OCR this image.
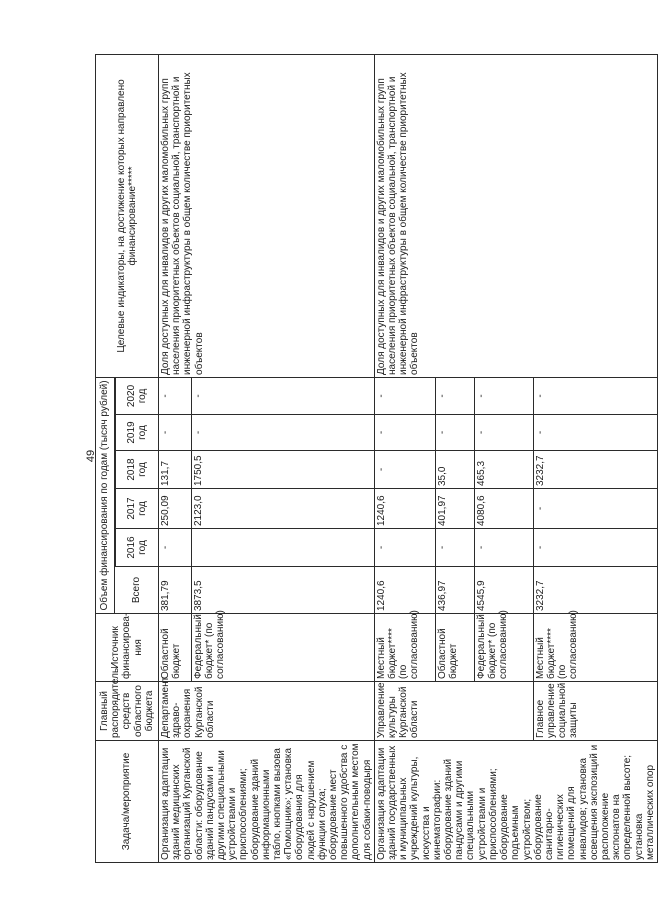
49
Задача/мероприятие	Главный распорядитель средств областного бюджета	Источник финансирова-ния	Объем финансирования по годам (тысяч рублей)						Целевые индикаторы, на достижение которых направлено финансирование*****
			Всего						
				2016 год	2017 год	2018 год	2019 год	2020 год	
Организация адаптации зданий медицинских организаций Курганской области: оборудование зданий пандусами и другими специальными устройствами и приспособлениями; оборудование зданий информационными табло, кнопками вызова «Помощник»; установка оборудования для людей с нарушением функции слуха; оборудование мест повышенного удобства с дополнительным местом для собаки-поводыря	Департамент здраво-охранения Курганской области	Областной бюджет	381,79	-	250,09	131,7	-	-	Доля доступных для инвалидов и других маломобильных групп населения приоритетных объектов социальной, транспортной и инженерной инфраструктуры в общем количестве приоритетных объектов
		Федеральный бюджет* (по согласованию)	3873,5		2123,0	1750,5	-	-	
Организация адаптации зданий государственных и муниципальных учреждений культуры, искусства и кинематографии: оборудование зданий пандусами и другими специальными устройствами и приспособлениями; оборудование подъемным устройством; оборудование санитарно-гигиенических помещений для инвалидов; установка освещения экспозиций и расположение экспонатов на определенной высоте; установка металлических опор	Управление культуры Курганской области	Местный бюджет**** (по согласованию)	1240,6	-	1240,6	-	-	-	Доля доступных для инвалидов и других маломобильных групп населения приоритетных объектов социальной, транспортной и инженерной инфраструктуры в общем количестве приоритетных объектов
		Областной бюджет	436,97	-	401,97	35,0	-	-	
		Федеральный бюджет* (по согласованию)	4545,9	-	4080,6	465,3	-	-	
	Главное управление социальной защиты	Местный бюджет**** (по согласованию)	3232,7	-	-	3232,7	-	-	
